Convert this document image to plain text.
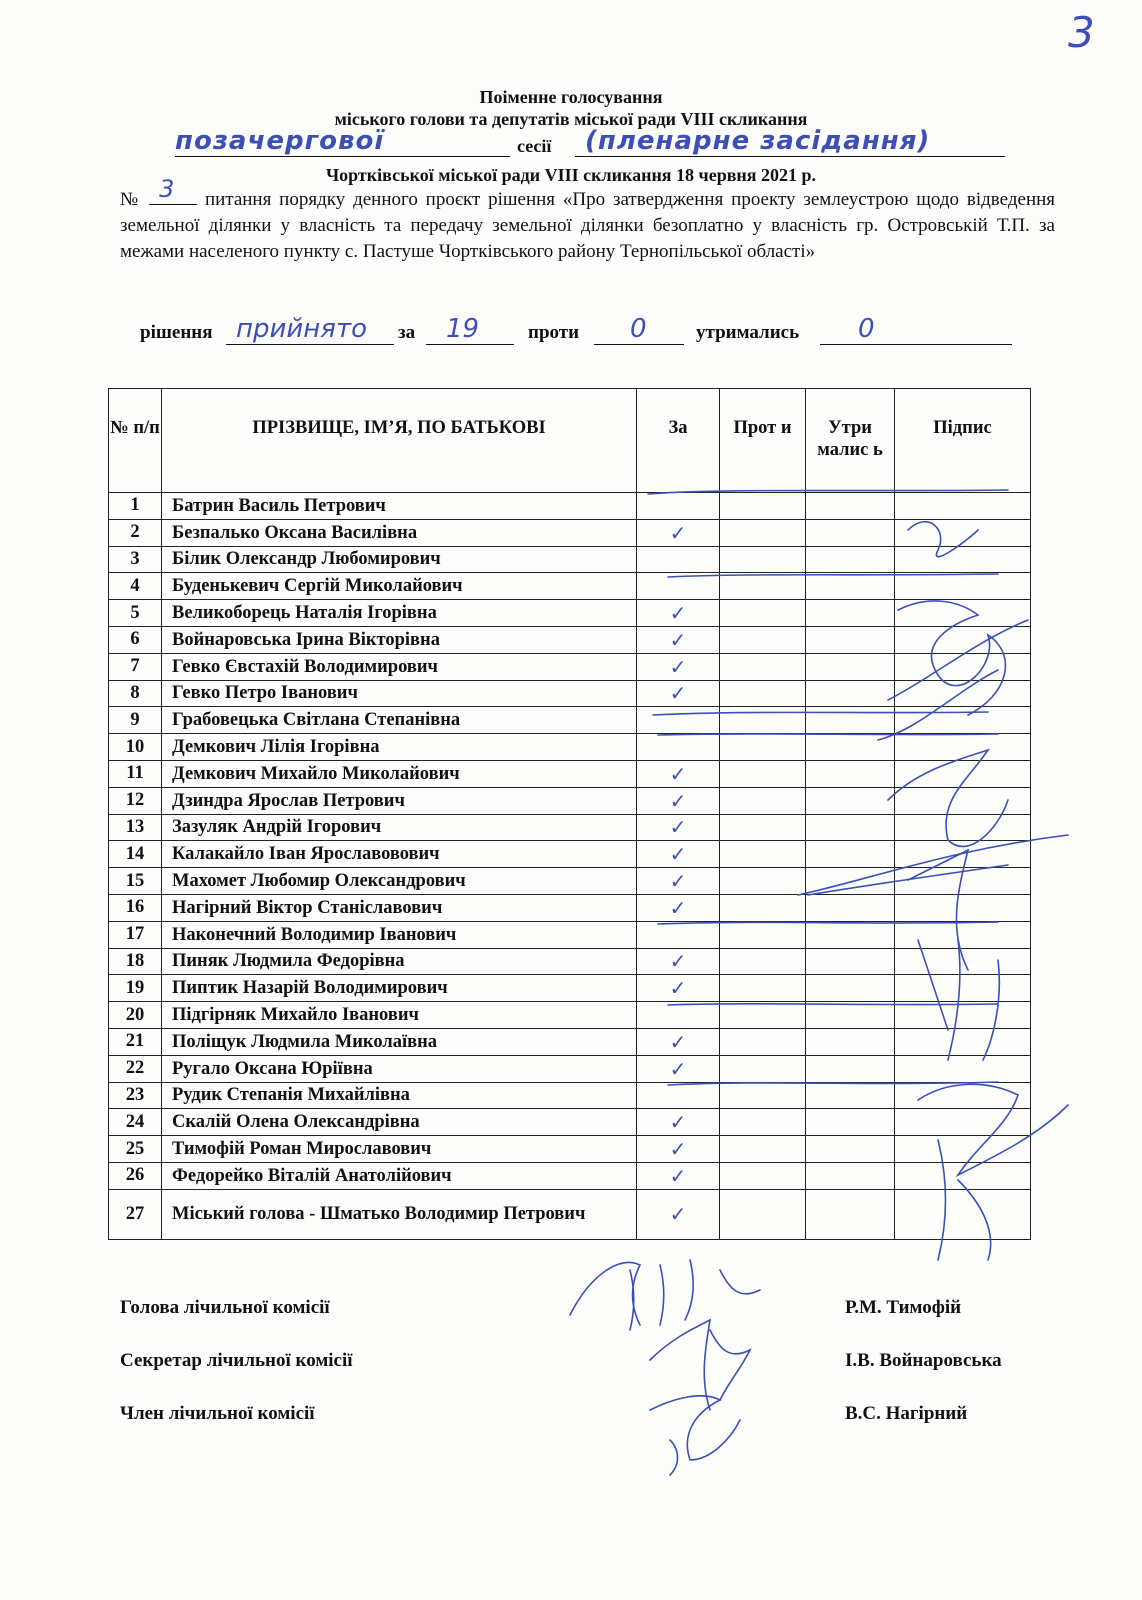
3
Поіменне голосування
міського голови та депутатів міської ради VIII скликання
позачергової	сесії (пленарне засідання)
Чортківської міської ради VIII скликання 18 червня 2021 р.
№ 3 питання порядку денного проєкт рішення «Про затвердження проекту землеустрою щодо відведення земельної ділянки у власність та передачу земельної ділянки безоплатно у власність гр. Островській Т.П. за межами населеного пункту с. Пастуше Чортківського району Тернопільської області»
рішення прийнято за 19	проти 0	утримались 0
№ п/п	ПРІЗВИЩЕ, ІМ’Я, ПО БАТЬКОВІ	За	Прот и	Утри малис ь	Підпис
1	Батрин Василь Петрович				
2	Безпалько Оксана Василівна	✓			
3	Білик Олександр Любомирович				
4	Буденькевич Сергій Миколайович				
5	Великоборець Наталія Ігорівна	✓			
6	Войнаровська Ірина Вікторівна	✓			
7	Гевко Євстахій Володимирович	✓			
8	Гевко Петро Іванович	✓			
9	Грабовецька Світлана Степанівна				
10	Демкович Лілія Ігорівна				
11	Демкович Михайло Миколайович	✓			
12	Дзиндра Ярослав Петрович	✓			
13	Зазуляк Андрій Ігорович	✓			
14	Калакайло Іван Ярославовович	✓			
15	Махомет Любомир Олександрович	✓			
16	Нагірний Віктор Станіславович	✓			
17	Наконечний Володимир Іванович				
18	Пиняк Людмила Федорівна	✓			
19	Пиптик Назарій Володимирович	✓			
20	Підгірняк Михайло Іванович				
21	Поліщук Людмила Миколаївна	✓			
22	Ругало Оксана Юріївна	✓			
23	Рудик Степанія Михайлівна				
24	Скалій Олена Олександрівна	✓			
25	Тимофій Роман Мирославович	✓			
26	Федорейко Віталій Анатолійович	✓			
27	Міський голова - Шматько Володимир Петрович	✓			
Голова лічильної комісії	Р.М. Тимофій
Секретар лічильної комісії	І.В. Войнаровська
Член лічильної комісії	В.С. Нагірний
